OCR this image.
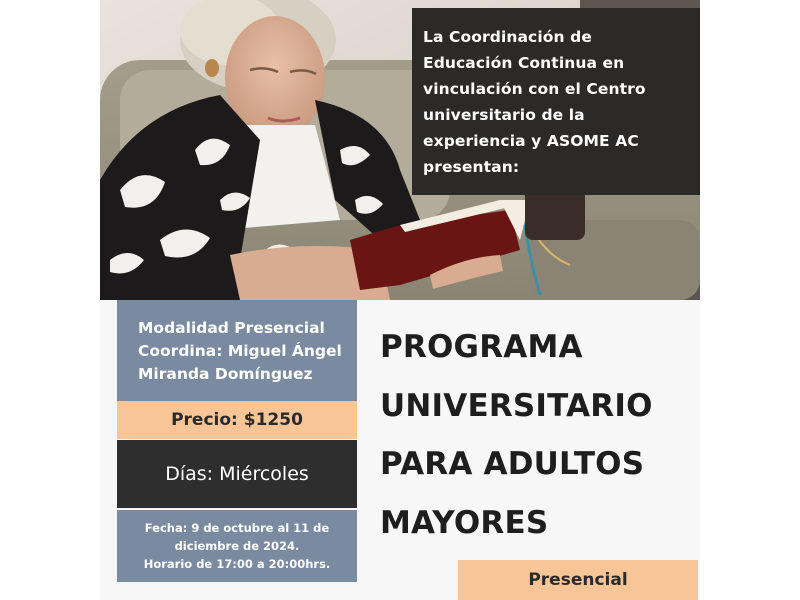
La Coordinación de
Educación Continua en
vinculación con el Centro
universitario de la
experiencia y ASOME AC
presentan:
Modalidad Presencial
Coordina: Miguel Ángel
Miranda Domínguez
Precio: $1250
Días: Miércoles
Fecha: 9 de octubre al 11 de
diciembre de 2024.
Horario de 17:00 a 20:00hrs.
PROGRAMA
UNIVERSITARIO
PARA ADULTOS
MAYORES
Presencial
